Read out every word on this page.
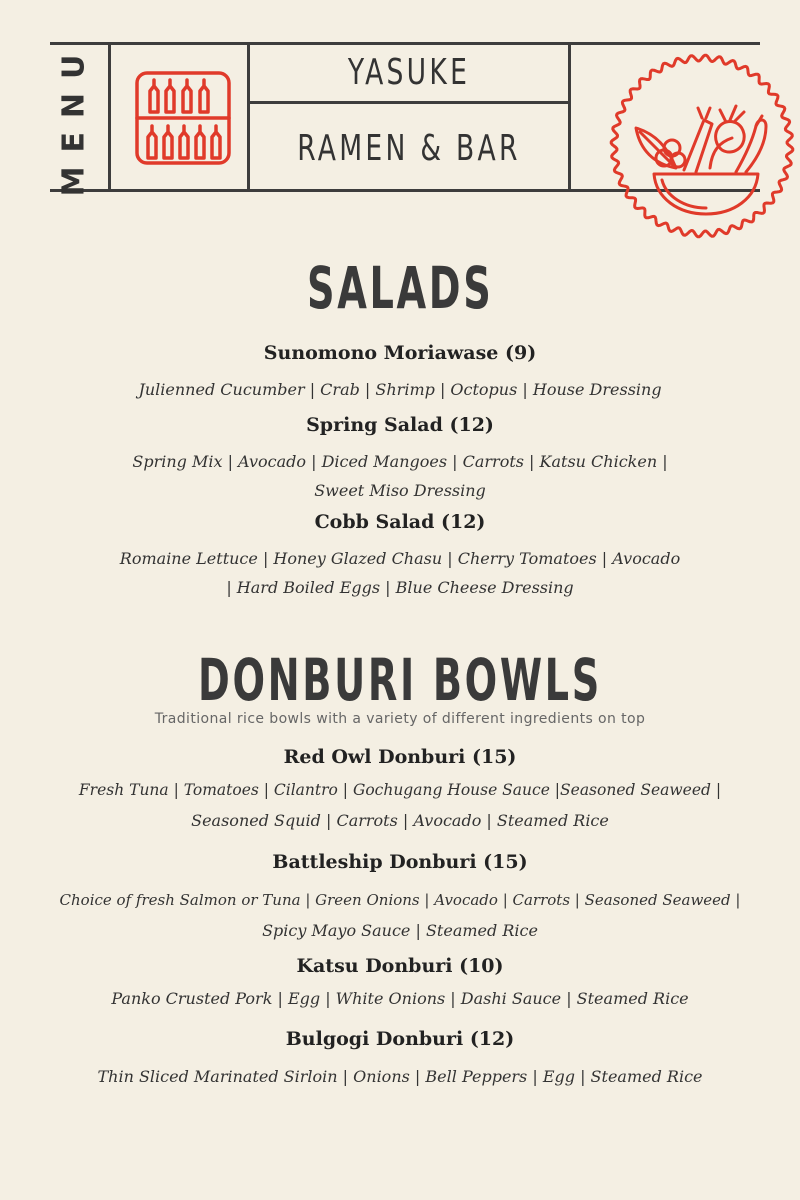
MENU	YASUKE
RAMEN & BAR
SALADS
Sunomono Moriawase (9)
Julienned Cucumber | Crab | Shrimp | Octopus | House Dressing
Spring Salad (12)
Spring Mix | Avocado | Diced Mangoes | Carrots | Katsu Chicken |
Sweet Miso Dressing
Cobb Salad (12)
Romaine Lettuce | Honey Glazed Chasu | Cherry Tomatoes | Avocado
| Hard Boiled Eggs | Blue Cheese Dressing
DONBURI BOWLS
Traditional rice bowls with a variety of different ingredients on top
Red Owl Donburi (15)
Fresh Tuna | Tomatoes | Cilantro | Gochugang House Sauce |Seasoned Seaweed |
Seasoned Squid | Carrots | Avocado | Steamed Rice
Battleship Donburi (15)
Choice of fresh Salmon or Tuna | Green Onions | Avocado | Carrots | Seasoned Seaweed |
Spicy Mayo Sauce | Steamed Rice
Katsu Donburi (10)
Panko Crusted Pork | Egg | White Onions | Dashi Sauce | Steamed Rice
Bulgogi Donburi (12)
Thin Sliced Marinated Sirloin | Onions | Bell Peppers | Egg | Steamed Rice
